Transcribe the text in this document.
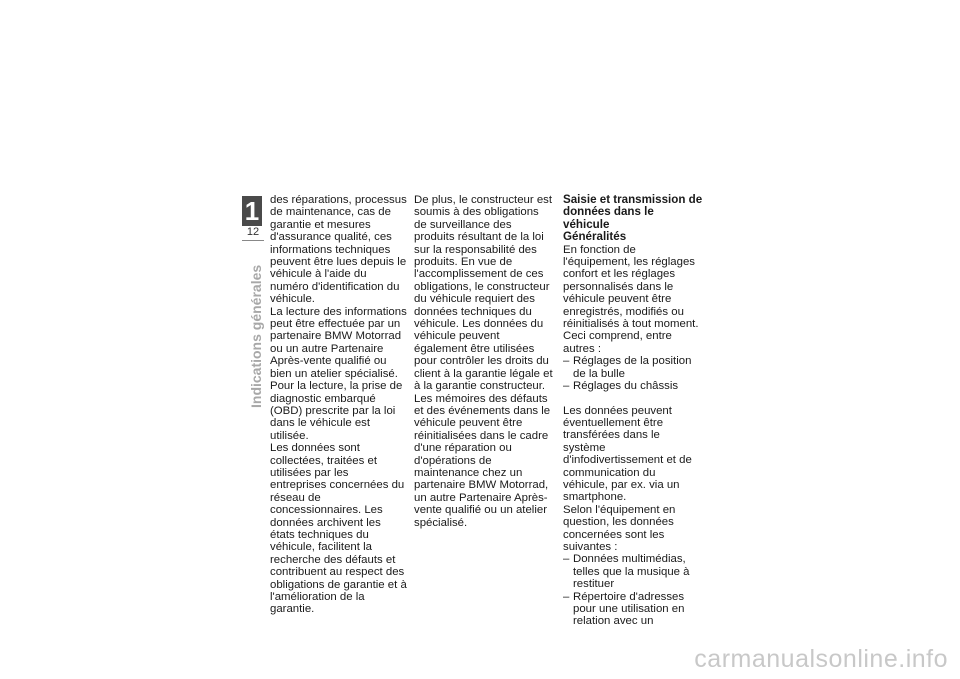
1
12
Indications générales

des réparations, processus de maintenance, cas de garantie et mesures d'assurance qualité, ces informations techniques peuvent être lues depuis le véhicule à l'aide du numéro d'identification du véhicule.

La lecture des informations peut être effectuée par un partenaire BMW Motorrad ou un autre Partenaire Après-vente qualifié ou bien un atelier spécialisé. Pour la lecture, la prise de diagnostic embarqué (OBD) prescrite par la loi dans le véhicule est utilisée.

Les données sont collectées, traitées et utilisées par les entreprises concernées du réseau de concessionnaires. Les données archivent les états techniques du véhicule, facilitent la recherche des défauts et contribuent au respect des obligations de garantie et à l'amélioration de la garantie.

De plus, le constructeur est soumis à des obligations de surveillance des produits résultant de la loi sur la responsabilité des produits. En vue de l'accomplissement de ces obligations, le constructeur du véhicule requiert des données techniques du véhicule. Les données du véhicule peuvent également être utilisées pour contrôler les droits du client à la garantie légale et à la garantie constructeur.

Les mémoires des défauts et des événements dans le véhicule peuvent être réinitialisées dans le cadre d'une réparation ou d'opérations de maintenance chez un partenaire BMW Motorrad, un autre Partenaire Après-vente qualifié ou un atelier spécialisé.

Saisie et transmission de données dans le véhicule

Généralités

En fonction de l'équipement, les réglages confort et les réglages personnalisés dans le véhicule peuvent être enregistrés, modifiés ou réinitialisés à tout moment.

Ceci comprend, entre autres :

– Réglages de la position de la bulle
– Réglages du châssis

Les données peuvent éventuellement être transférées dans le système d'infodivertissement et de communication du véhicule, par ex. via un smartphone.

Selon l'équipement en question, les données concernées sont les suivantes :

– Données multimédias, telles que la musique à restituer
– Répertoire d'adresses pour une utilisation en relation avec un
carmanualsonline.info
